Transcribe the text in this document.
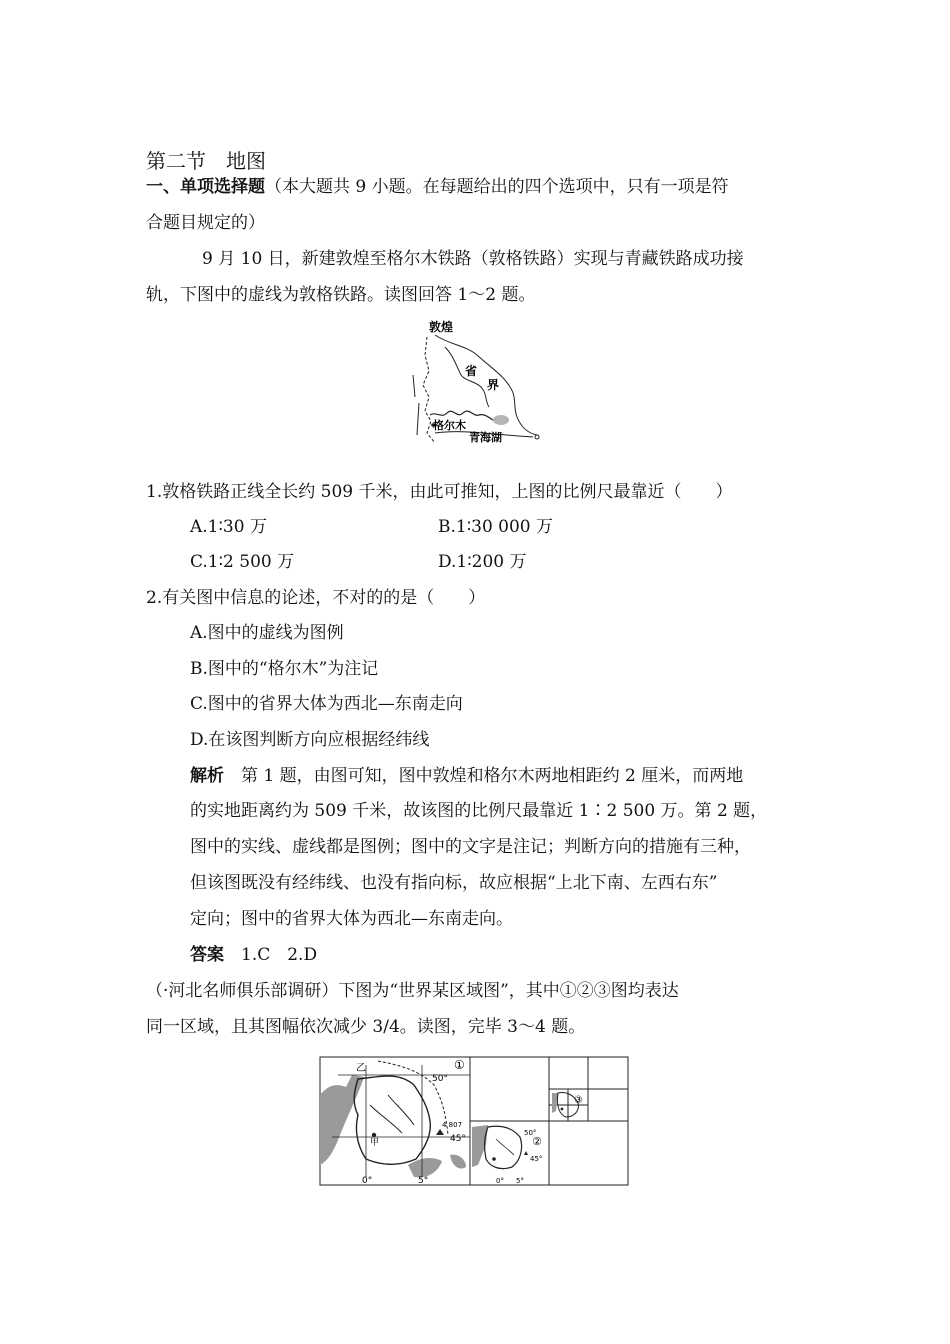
第二节　地图
一、单项选择题（本大题共 9 小题。在每题给出的四个选项中，只有一项是符
合题目规定的）
9 月 10 日，新建敦煌至格尔木铁路（敦格铁路）实现与青藏铁路成功接
轨，下图中的虚线为敦格铁路。读图回答 1～2 题。
敦煌
省
界
格尔木
青海湖
1.敦格铁路正线全长约 509 千米，由此可推知，上图的比例尺最靠近（　　）
A.1∶30 万	B.1∶30 000 万
C.1∶2 500 万	D.1∶200 万
2.有关图中信息的论述，不对的的是（　　）
A.图中的虚线为图例
B.图中的“格尔木”为注记
C.图中的省界大体为西北—东南走向
D.在该图判断方向应根据经纬线
解析　第 1 题，由图可知，图中敦煌和格尔木两地相距约 2 厘米，而两地
的实地距离约为 509 千米，故该图的比例尺最靠近 1∶2 500 万。第 2 题，
图中的实线、虚线都是图例；图中的文字是注记；判断方向的措施有三种，
但该图既没有经纬线、也没有指向标，故应根据“上北下南、左西右东”
定向；图中的省界大体为西北—东南走向。
答案　1.C　2.D
（·河北名师俱乐部调研）下图为“世界某区域图”，其中①②③图均表达
同一区域，且其图幅依次减少 3/4。读图，完毕 3～4 题。
4 807
乙
甲
50°
45°
0°	5°
①
50°
45°
0° 5°
②
③
